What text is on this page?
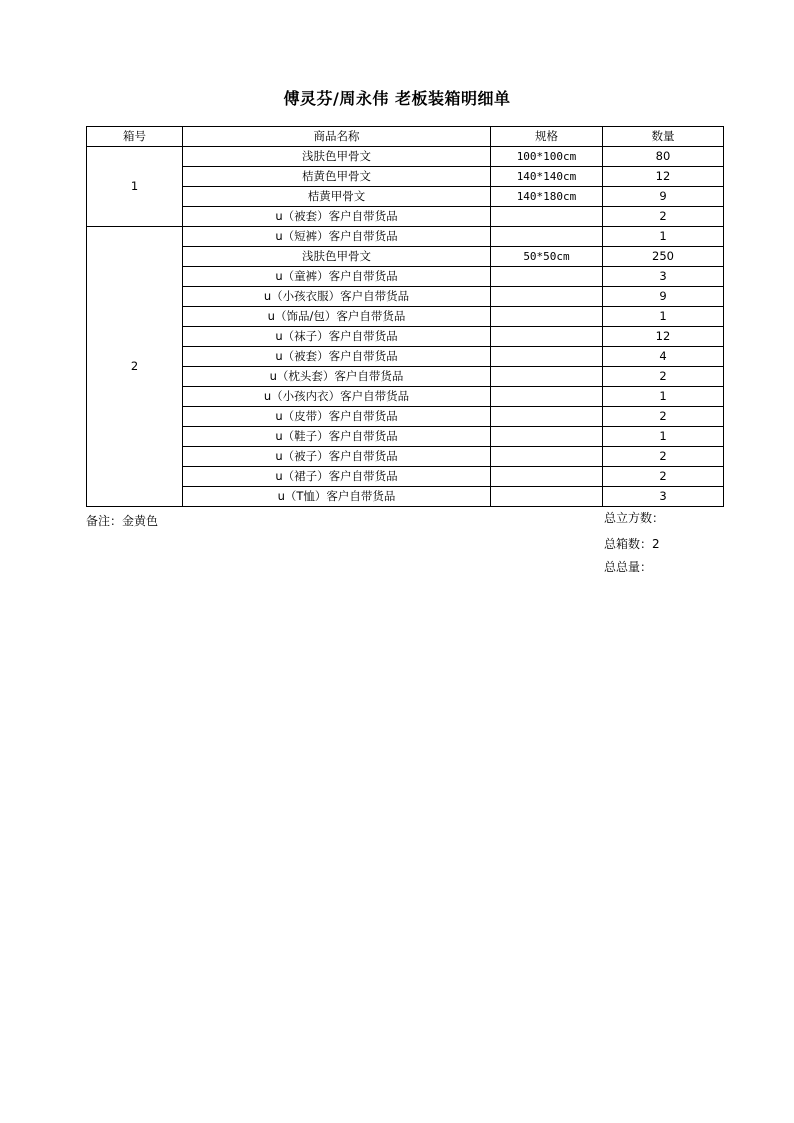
傅灵芬/周永伟 老板装箱明细单
箱号	商品名称	规格	数量
1	浅肤色甲骨文	100*100cm	80
	桔黄色甲骨文	140*140cm	12
	桔黄甲骨文	140*180cm	9
	u（被套）客户自带货品		2
2	u（短裤）客户自带货品		1
	浅肤色甲骨文	50*50cm	250
	u（童裤）客户自带货品		3
	u（小孩衣服）客户自带货品		9
	u（饰品/包）客户自带货品		1
	u（袜子）客户自带货品		12
	u（被套）客户自带货品		4
	u（枕头套）客户自带货品		2
	u（小孩内衣）客户自带货品		1
	u（皮带）客户自带货品		2
	u（鞋子）客户自带货品		1
	u（被子）客户自带货品		2
	u（裙子）客户自带货品		2
	u（T恤）客户自带货品		3
备注：金黄色	总立方数：
总箱数：2
总总量：
